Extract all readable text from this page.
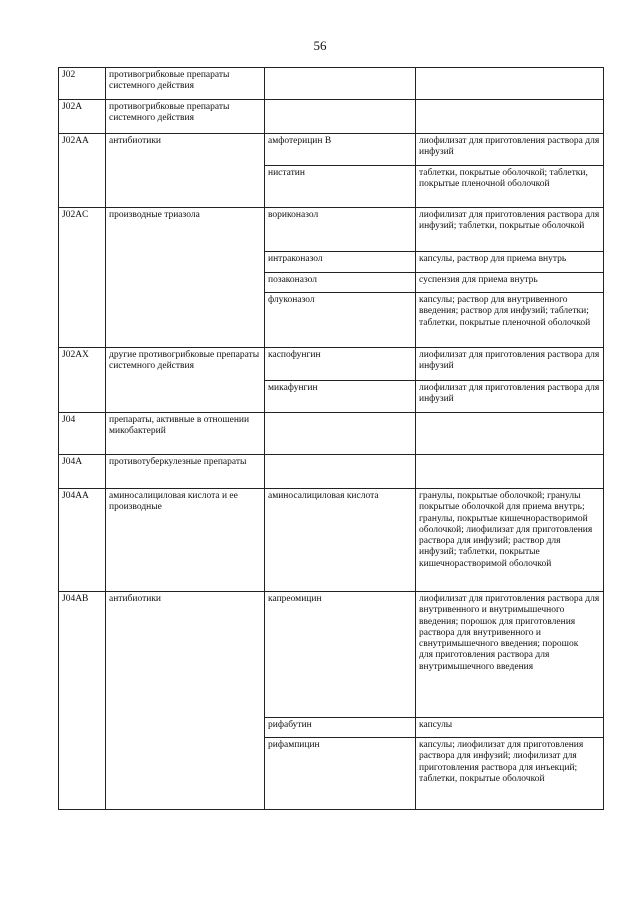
56
J02	противогрибковые препараты системного действия		
J02A	противогрибковые препараты системного действия		
J02AA	антибиотики	амфотерицин В	лиофилизат для приготовления раствора для инфузий
		нистатин	таблетки, покрытые оболочкой; таблетки, покрытые пленочной оболочкой
J02AC	производные триазола	вориконазол	лиофилизат для приготовления раствора для инфузий; таблетки, покрытые оболочкой
		интраконазол	капсулы, раствор для приема внутрь
		позаконазол	суспензия для приема внутрь
		флуконазол	капсулы; раствор для внутривенного введения; раствор для инфузий; таблетки; таблетки, покрытые пленочной оболочкой
J02AX	другие противогрибковые препараты системного действия	каспофунгин	лиофилизат для приготовления раствора для инфузий
		микафунгин	лиофилизат для приготовления раствора для инфузий
J04	препараты, активные в отношении микобактерий		
J04A	противотуберкулезные препараты		
J04AA	аминосалициловая кислота и ее производные	аминосалициловая кислота	гранулы, покрытые оболочкой; гранулы покрытые оболочкой для приема внутрь; гранулы, покрытые кишечнорастворимой оболочкой; лиофилизат для приготовления раствора для инфузий; раствор для инфузий; таблетки, покрытые кишечнорастворимой оболочкой
J04AB	антибиотики	капреомицин	лиофилизат для приготовления раствора для внутривенного и внутримышечного введения; порошок для приготовления раствора для внутривенного и свнутримышечного введения; порошок
для приготовления раствора для внутримышечного введения

		рифабутин	капсулы
		рифампицин	капсулы; лиофилизат для приготовления раствора для инфузий; лиофилизат для приготовления раствора для инъекций; таблетки, покрытые оболочкой
